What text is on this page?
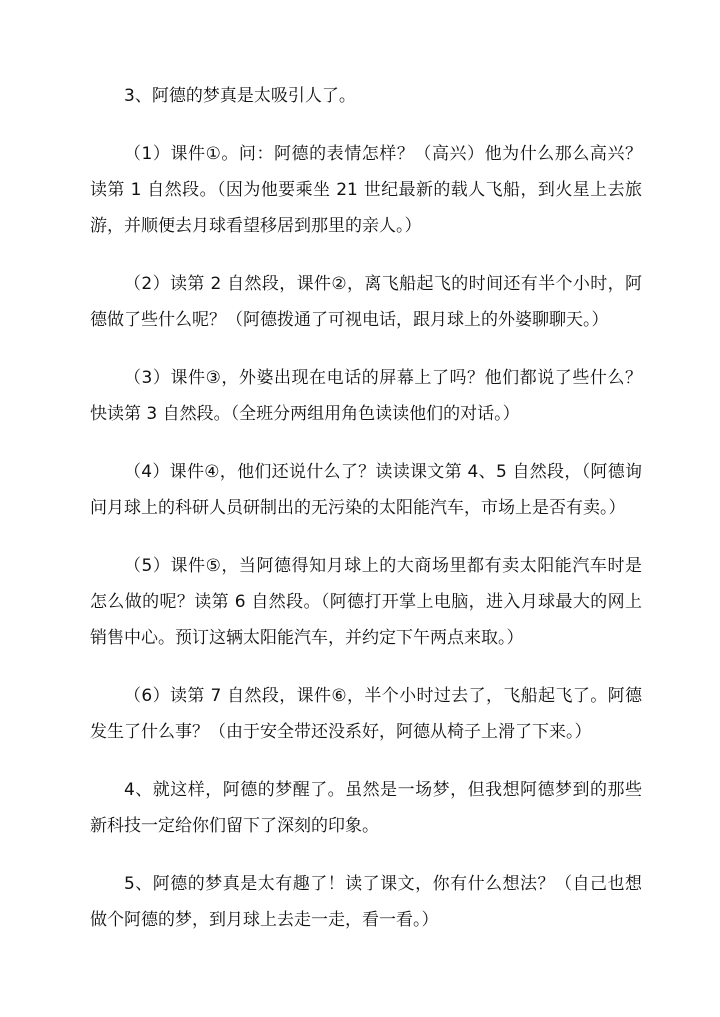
3、阿德的梦真是太吸引人了。

（1）课件①。问：阿德的表情怎样？（高兴）他为什么那么高兴？读第 1 自然段。（因为他要乘坐 21 世纪最新的载人飞船，到火星上去旅游，并顺便去月球看望移居到那里的亲人。）

（2）读第 2 自然段，课件②，离飞船起飞的时间还有半个小时，阿德做了些什么呢？（阿德拨通了可视电话，跟月球上的外婆聊聊天。）

（3）课件③，外婆出现在电话的屏幕上了吗？他们都说了些什么？快读第 3 自然段。（全班分两组用角色读读他们的对话。）

（4）课件④，他们还说什么了？读读课文第 4、5 自然段，（阿德询问月球上的科研人员研制出的无污染的太阳能汽车，市场上是否有卖。）

（5）课件⑤，当阿德得知月球上的大商场里都有卖太阳能汽车时是怎么做的呢？读第 6 自然段。（阿德打开掌上电脑，进入月球最大的网上销售中心。预订这辆太阳能汽车，并约定下午两点来取。）

（6）读第 7 自然段，课件⑥，半个小时过去了，飞船起飞了。阿德发生了什么事？（由于安全带还没系好，阿德从椅子上滑了下来。）

4、就这样，阿德的梦醒了。虽然是一场梦，但我想阿德梦到的那些新科技一定给你们留下了深刻的印象。

5、阿德的梦真是太有趣了！读了课文，你有什么想法？（自己也想做个阿德的梦，到月球上去走一走，看一看。）
